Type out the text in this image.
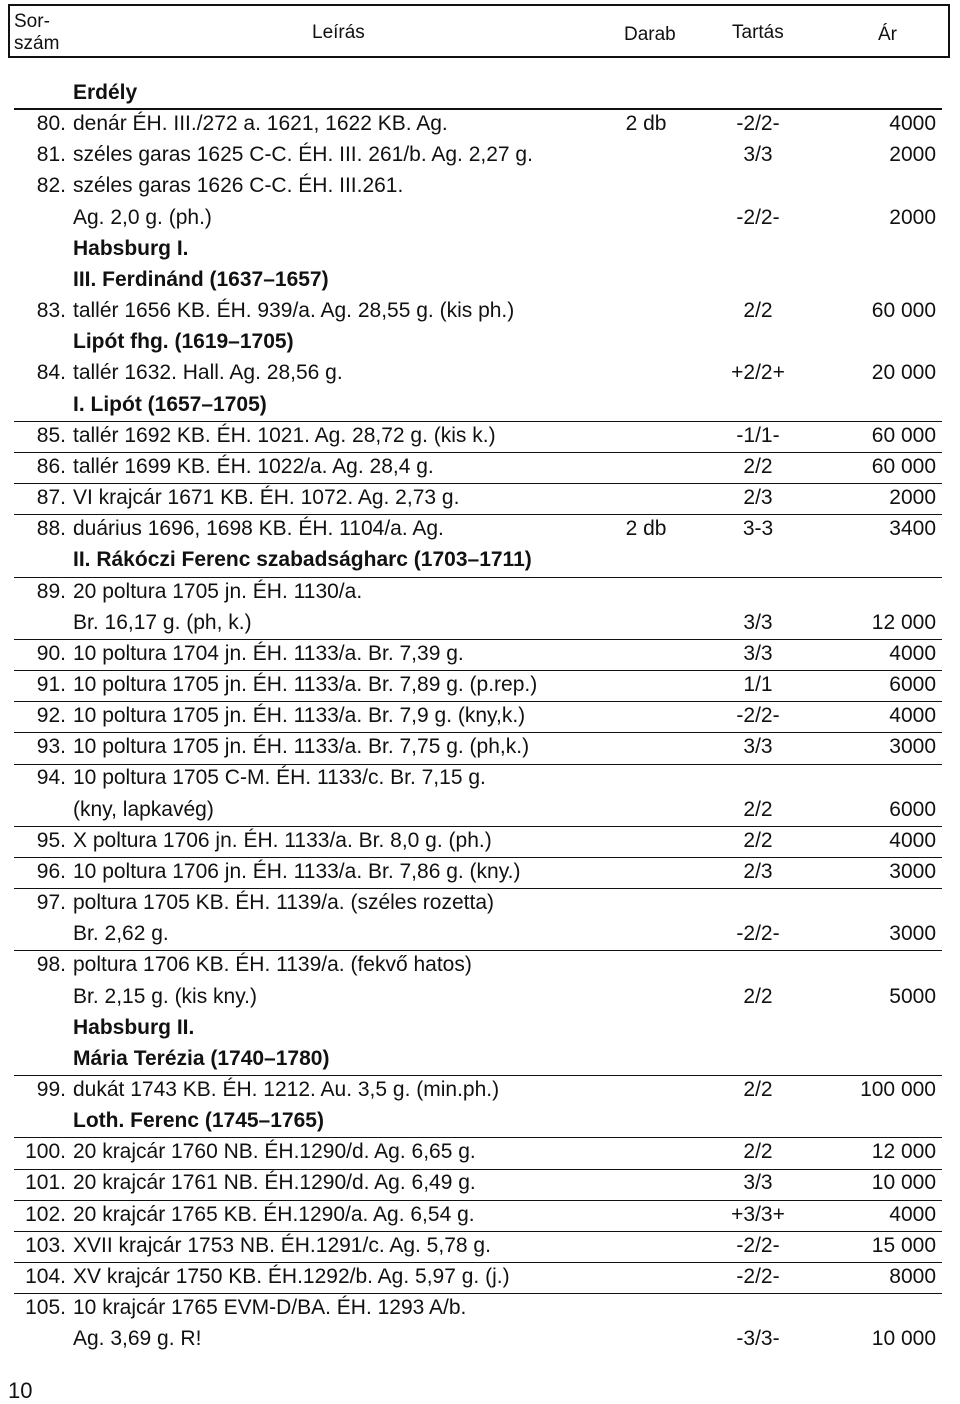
Sor-
szám
Leírás	Darab	Tartás	Ár
Erdély
80. denár ÉH. III./272 a. 1621, 1622 KB. Ag.	2 db	-2/2-	4000
81. széles garas 1625 C-C. ÉH. III. 261/b. Ag. 2,27 g.	3/3	2000
82. széles garas 1626 C-C. ÉH. III.261.
Ag. 2,0 g. (ph.)	-2/2-	2000
Habsburg I.
III. Ferdinánd (1637–1657)
83. tallér 1656 KB. ÉH. 939/a. Ag. 28,55 g. (kis ph.)	2/2	60 000
Lipót fhg. (1619–1705)
84. tallér 1632. Hall. Ag. 28,56 g.	+2/2+	20 000
I. Lipót (1657–1705)
85. tallér 1692 KB. ÉH. 1021. Ag. 28,72 g. (kis k.)	-1/1-	60 000
86. tallér 1699 KB. ÉH. 1022/a. Ag. 28,4 g.	2/2	60 000
87. VI krajcár 1671 KB. ÉH. 1072. Ag. 2,73 g.	2/3	2000
88. duárius 1696, 1698 KB. ÉH. 1104/a. Ag.	2 db	3-3	3400
II. Rákóczi Ferenc szabadságharc (1703–1711)
89. 20 poltura 1705 jn. ÉH. 1130/a.
Br. 16,17 g. (ph, k.)	3/3	12 000
90. 10 poltura 1704 jn. ÉH. 1133/a. Br. 7,39 g.	3/3	4000
91. 10 poltura 1705 jn. ÉH. 1133/a. Br. 7,89 g. (p.rep.)	1/1	6000
92. 10 poltura 1705 jn. ÉH. 1133/a. Br. 7,9 g. (kny,k.)	-2/2-	4000
93. 10 poltura 1705 jn. ÉH. 1133/a. Br. 7,75 g. (ph,k.)	3/3	3000
94. 10 poltura 1705 C-M. ÉH. 1133/c. Br. 7,15 g.
(kny, lapkavég)	2/2	6000
95. X poltura 1706 jn. ÉH. 1133/a. Br. 8,0 g. (ph.)	2/2	4000
96. 10 poltura 1706 jn. ÉH. 1133/a. Br. 7,86 g. (kny.)	2/3	3000
97. poltura 1705 KB. ÉH. 1139/a. (széles rozetta)
Br. 2,62 g.	-2/2-	3000
98. poltura 1706 KB. ÉH. 1139/a. (fekvő hatos)
Br. 2,15 g. (kis kny.)	2/2	5000
Habsburg II.
Mária Terézia (1740–1780)
99. dukát 1743 KB. ÉH. 1212. Au. 3,5 g. (min.ph.)	2/2	100 000
Loth. Ferenc (1745–1765)
100. 20 krajcár 1760 NB. ÉH.1290/d. Ag. 6,65 g.	2/2	12 000
101. 20 krajcár 1761 NB. ÉH.1290/d. Ag. 6,49 g.	3/3	10 000
102. 20 krajcár 1765 KB. ÉH.1290/a. Ag. 6,54 g.	+3/3+	4000
103. XVII krajcár 1753 NB. ÉH.1291/c. Ag. 5,78 g.	-2/2-	15 000
104. XV krajcár 1750 KB. ÉH.1292/b. Ag. 5,97 g. (j.)	-2/2-	8000
105. 10 krajcár 1765 EVM-D/BA. ÉH. 1293 A/b.
Ag. 3,69 g. R!	-3/3-	10 000
10
